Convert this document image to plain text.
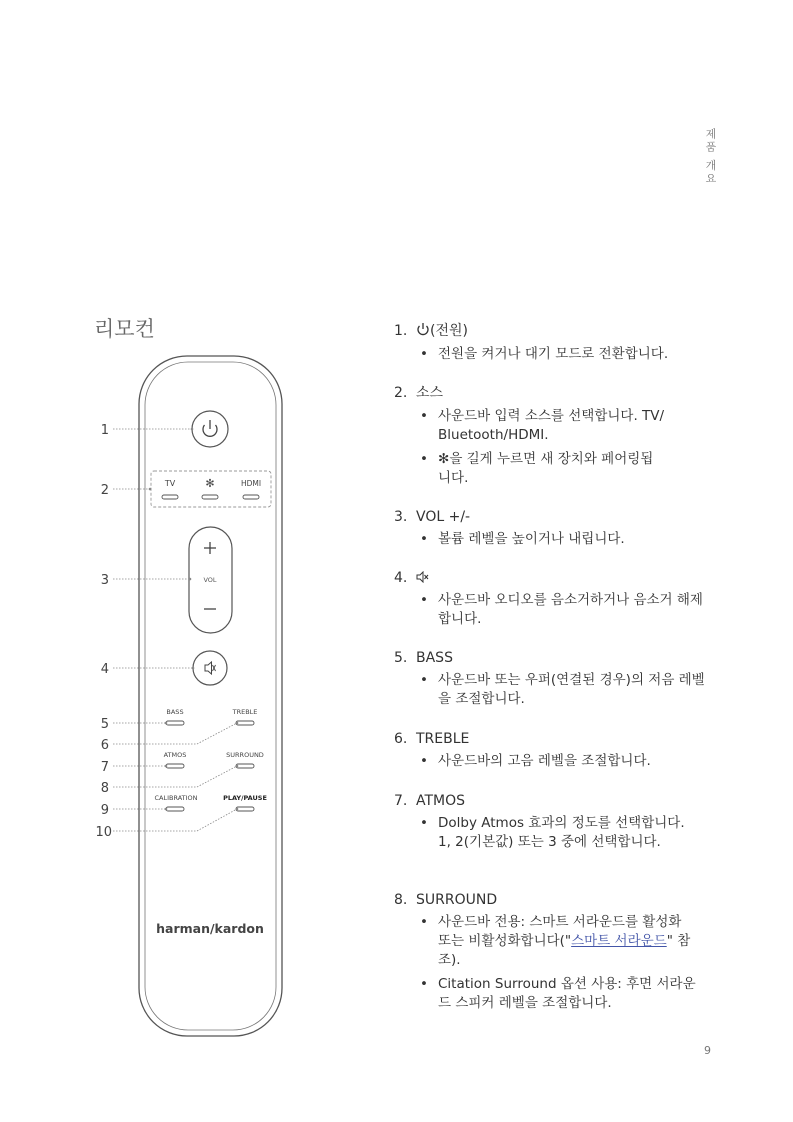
제품 개요
리모컨
TV	✻	HDMI
VOL
BASS	TREBLE
ATMOS	SURROUND
CALIBRATION	PLAY/PAUSE
harman/kardon
1
2
3
4
5
6
7
8
9
10
1. (전원)
• 전원을 켜거나 대기 모드로 전환합니다.
2. 소스
• 사운드바 입력 소스를 선택합니다. TV/ Bluetooth/HDMI.
• ✻을 길게 누르면 새 장치와 페어링됩니다.
3. VOL +/-
• 볼륨 레벨을 높이거나 내립니다.
4.
• 사운드바 오디오를 음소거하거나 음소거 해제합니다.
5. BASS
• 사운드바 또는 우퍼(연결된 경우)의 저음 레벨을 조절합니다.
6. TREBLE
• 사운드바의 고음 레벨을 조절합니다.
7. ATMOS
• Dolby Atmos 효과의 정도를 선택합니다. 1, 2(기본값) 또는 3 중에 선택합니다.
8. SURROUND
• 사운드바 전용: 스마트 서라운드를 활성화 또는 비활성화합니다("스마트 서라운드" 참조).
• Citation Surround 옵션 사용: 후면 서라운드 스피커 레벨을 조절합니다.
9
